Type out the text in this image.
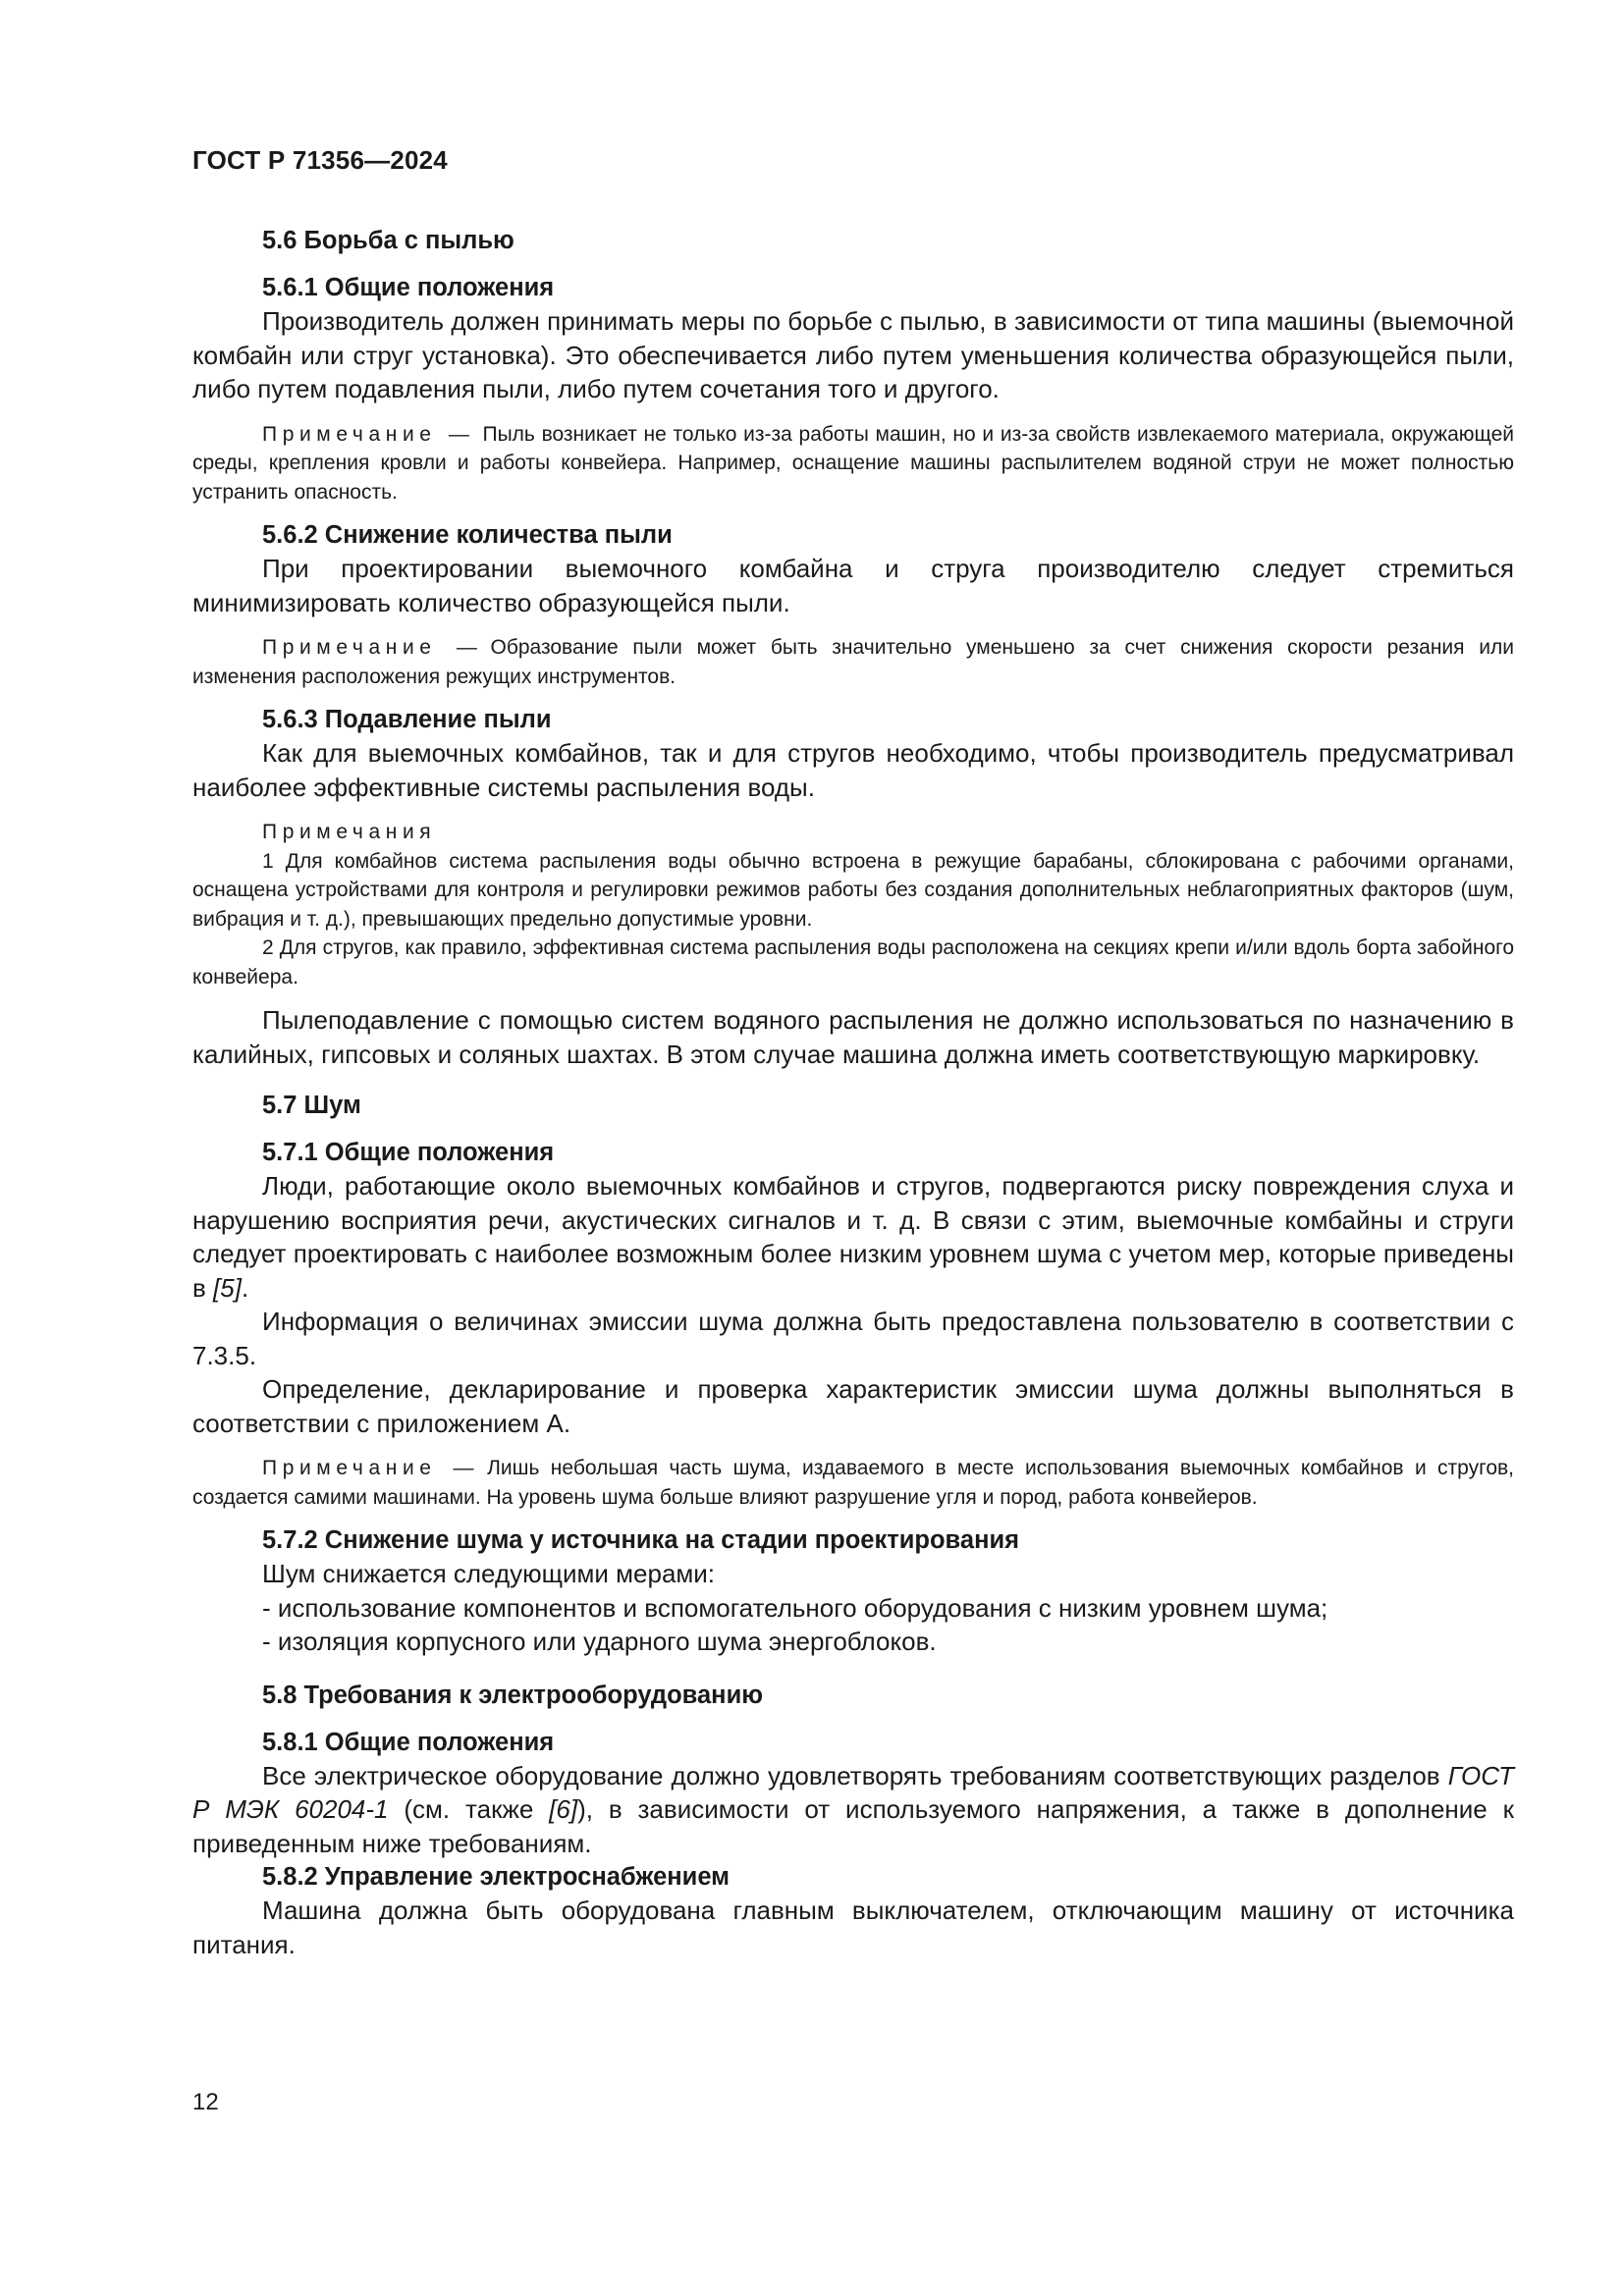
ГОСТ Р 71356—2024
5.6 Борьба с пылью
5.6.1 Общие положения

Производитель должен принимать меры по борьбе с пылью, в зависимости от типа машины (выемочной комбайн или струг установка). Это обеспечивается либо путем уменьшения количества образующейся пыли, либо путем подавления пыли, либо путем сочетания того и другого.

Примечание — Пыль возникает не только из-за работы машин, но и из-за свойств извлекаемого материала, окружающей среды, крепления кровли и работы конвейера. Например, оснащение машины распылителем водяной струи не может полностью устранить опасность.

5.6.2 Снижение количества пыли

При проектировании выемочного комбайна и струга производителю следует стремиться минимизировать количество образующейся пыли.

Примечание — Образование пыли может быть значительно уменьшено за счет снижения скорости резания или изменения расположения режущих инструментов.

5.6.3 Подавление пыли

Как для выемочных комбайнов, так и для стругов необходимо, чтобы производитель предусматривал наиболее эффективные системы распыления воды.

Примечания

1 Для комбайнов система распыления воды обычно встроена в режущие барабаны, сблокирована с рабочими органами, оснащена устройствами для контроля и регулировки режимов работы без создания дополнительных неблагоприятных факторов (шум, вибрация и т. д.), превышающих предельно допустимые уровни.

2 Для стругов, как правило, эффективная система распыления воды расположена на секциях крепи и/или вдоль борта забойного конвейера.

Пылеподавление с помощью систем водяного распыления не должно использоваться по назначению в калийных, гипсовых и соляных шахтах. В этом случае машина должна иметь соответствующую маркировку.

5.7 Шум
5.7.1 Общие положения

Люди, работающие около выемочных комбайнов и стругов, подвергаются риску повреждения слуха и нарушению восприятия речи, акустических сигналов и т. д. В связи с этим, выемочные комбайны и струги следует проектировать с наиболее возможным более низким уровнем шума с учетом мер, которые приведены в [5].

Информация о величинах эмиссии шума должна быть предоставлена пользователю в соответствии с 7.3.5.

Определение, декларирование и проверка характеристик эмиссии шума должны выполняться в соответствии с приложением А.

Примечание — Лишь небольшая часть шума, издаваемого в месте использования выемочных комбайнов и стругов, создается самими машинами. На уровень шума больше влияют разрушение угля и пород, работа конвейеров.

5.7.2 Снижение шума у источника на стадии проектирования
Шум снижается следующими мерами:
- использование компонентов и вспомогательного оборудования с низким уровнем шума;
- изоляция корпусного или ударного шума энергоблоков.
5.8 Требования к электрооборудованию
5.8.1 Общие положения

Все электрическое оборудование должно удовлетворять требованиям соответствующих разделов ГОСТ Р МЭК 60204-1 (см. также [6]), в зависимости от используемого напряжения, а также в дополнение к приведенным ниже требованиям.

5.8.2 Управление электроснабжением

Машина должна быть оборудована главным выключателем, отключающим машину от источника питания.

12
